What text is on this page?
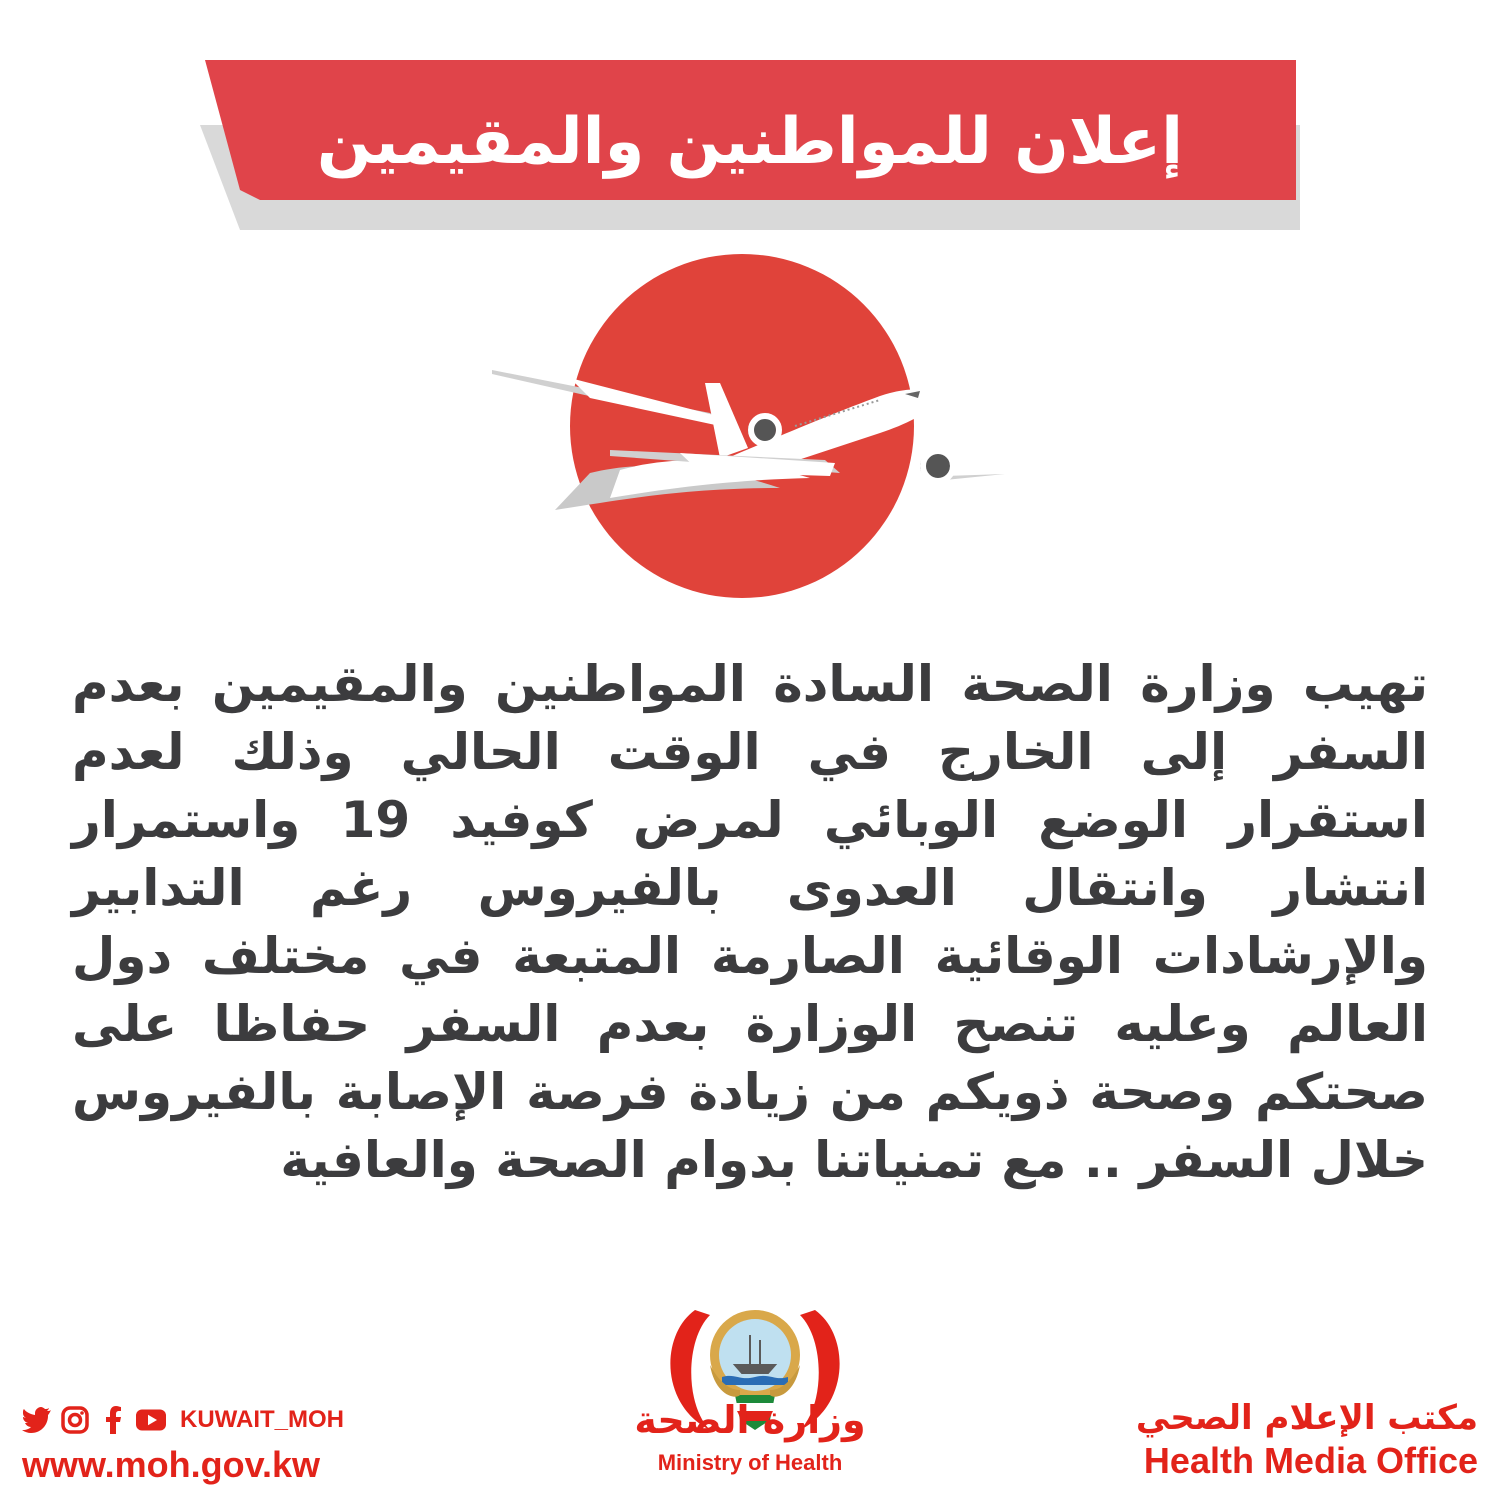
إعلان للمواطنين والمقيمين
تهيب وزارة الصحة السادة المواطنين والمقيمين بعدم السفر إلى الخارج في الوقت الحالي وذلك لعدم استقرار الوضع الوبائي لمرض كوفيد 19 واستمرار انتشار وانتقال العدوى بالفيروس رغم التدابير والإرشادات الوقائية الصارمة المتبعة في مختلف دول العالم وعليه تنصح الوزارة بعدم السفر حفاظا على صحتكم وصحة ذويكم من زيادة فرصة الإصابة بالفيروس خلال السفر .. مع تمنياتنا بدوام الصحة والعافية
KUWAIT_MOH
www.moh.gov.kw
وزارة الصحة
Ministry of Health
مكتب الإعلام الصحي
Health Media Office
